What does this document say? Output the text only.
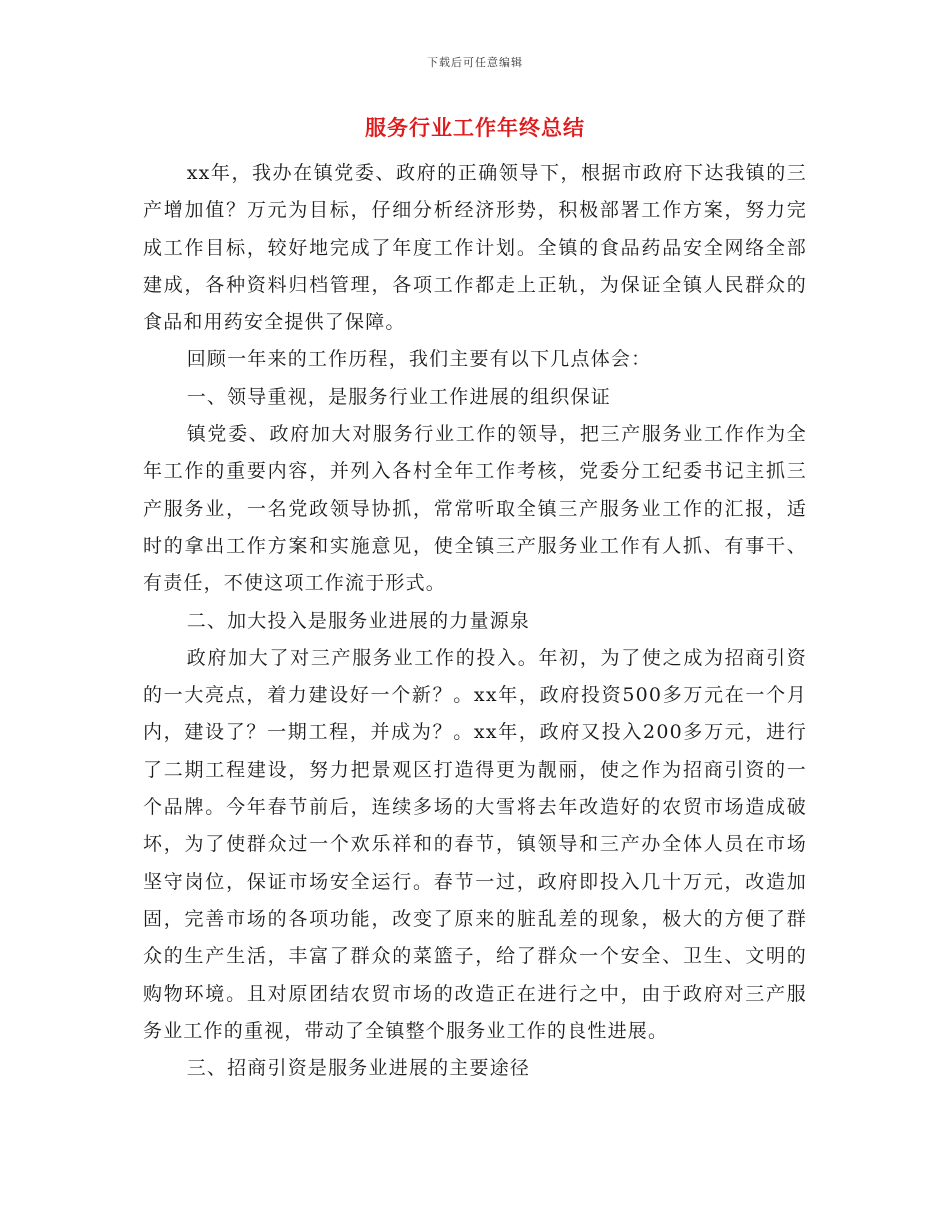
下载后可任意编辑
服务行业工作年终总结

xx年，我办在镇党委、政府的正确领导下，根据市政府下达我镇的三产增加值？万元为目标，仔细分析经济形势，积极部署工作方案，努力完成工作目标，较好地完成了年度工作计划。全镇的食品药品安全网络全部建成，各种资料归档管理，各项工作都走上正轨，为保证全镇人民群众的食品和用药安全提供了保障。

回顾一年来的工作历程，我们主要有以下几点体会：

一、领导重视，是服务行业工作进展的组织保证

镇党委、政府加大对服务行业工作的领导，把三产服务业工作作为全年工作的重要内容，并列入各村全年工作考核，党委分工纪委书记主抓三产服务业，一名党政领导协抓，常常听取全镇三产服务业工作的汇报，适时的拿出工作方案和实施意见，使全镇三产服务业工作有人抓、有事干、有责任，不使这项工作流于形式。

二、加大投入是服务业进展的力量源泉

政府加大了对三产服务业工作的投入。年初，为了使之成为招商引资的一大亮点，着力建设好一个新？。xx年，政府投资500多万元在一个月内，建设了？一期工程，并成为？。xx年，政府又投入200多万元，进行了二期工程建设，努力把景观区打造得更为靓丽，使之作为招商引资的一个品牌。今年春节前后，连续多场的大雪将去年改造好的农贸市场造成破坏，为了使群众过一个欢乐祥和的春节，镇领导和三产办全体人员在市场坚守岗位，保证市场安全运行。春节一过，政府即投入几十万元，改造加固，完善市场的各项功能，改变了原来的脏乱差的现象，极大的方便了群众的生产生活，丰富了群众的菜篮子，给了群众一个安全、卫生、文明的购物环境。且对原团结农贸市场的改造正在进行之中，由于政府对三产服务业工作的重视，带动了全镇整个服务业工作的良性进展。

三、招商引资是服务业进展的主要途径
